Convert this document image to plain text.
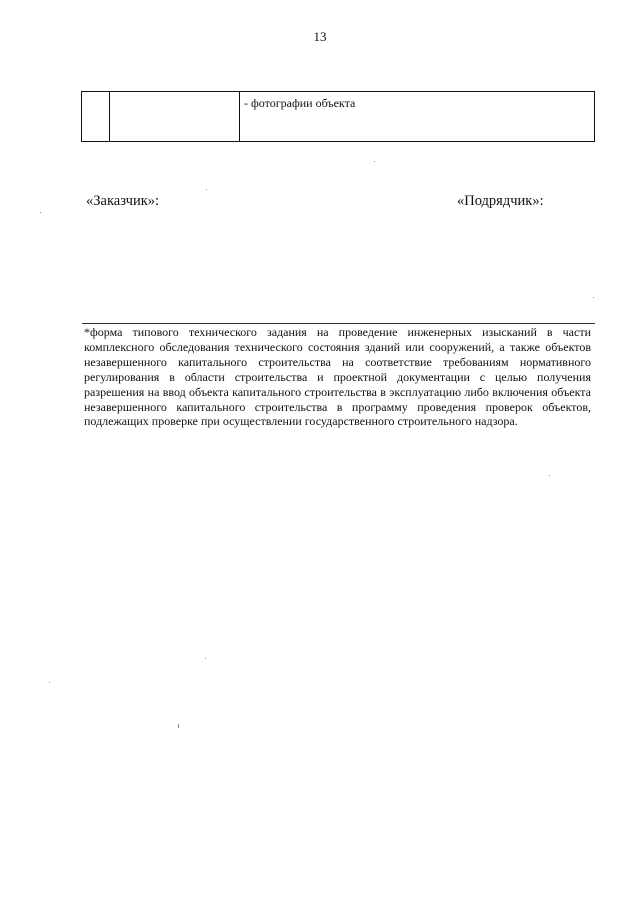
13
		- фотографии объекта
«Заказчик»:	«Подрядчик»:
*форма типового технического задания на проведение инженерных изысканий в части комплексного обследования технического состояния зданий или сооружений, а также объектов незавершенного капитального строительства на соответствие требованиям нормативного регулирования в области строительства и проектной документации с целью получения разрешения на ввод объекта капитального строительства в эксплуатацию либо включения объекта незавершенного капитального строительства в программу проведения проверок объектов, подлежащих проверке при осуществлении государственного строительного надзора.
